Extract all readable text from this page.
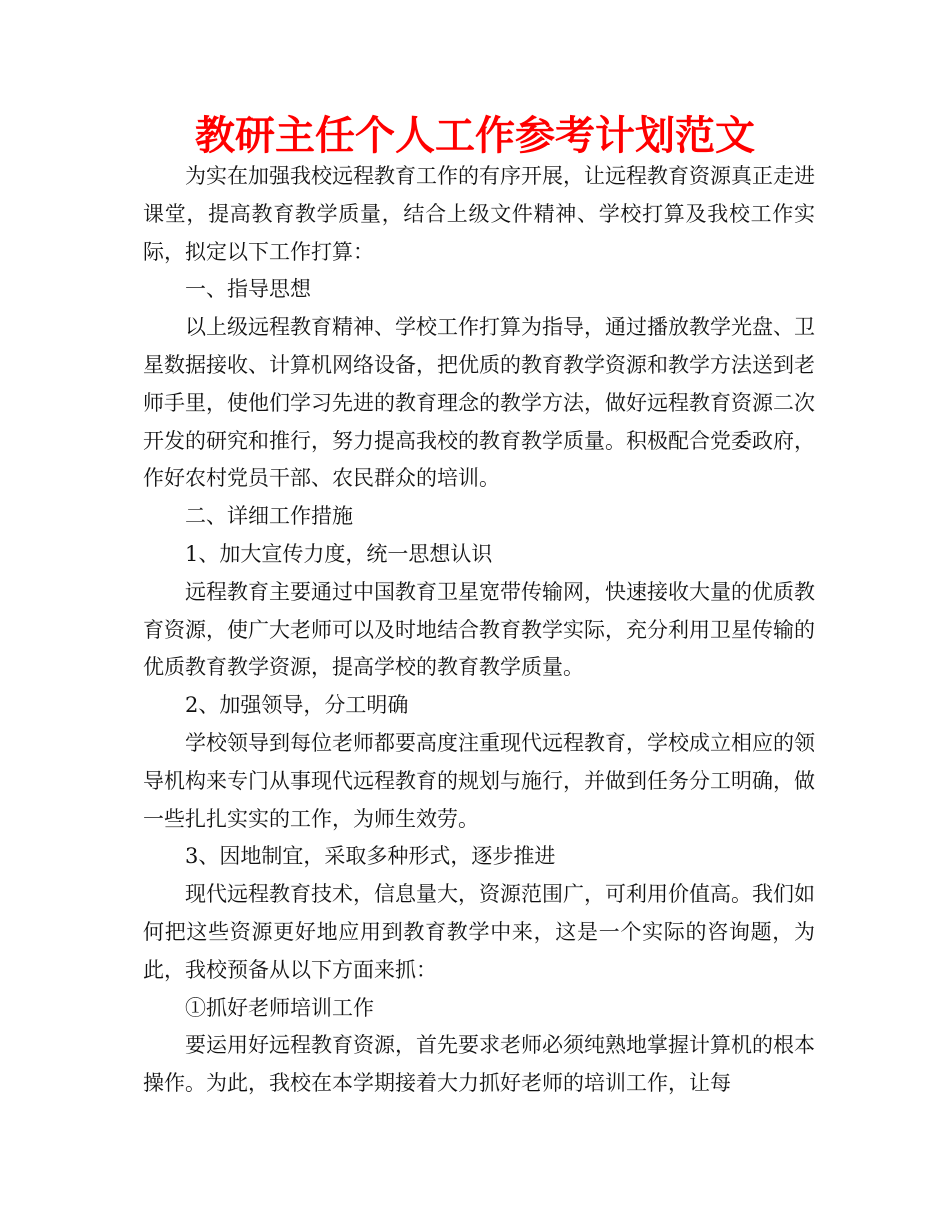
教研主任个人工作参考计划范文

为实在加强我校远程教育工作的有序开展，让远程教育资源真正走进课堂，提高教育教学质量，结合上级文件精神、学校打算及我校工作实际，拟定以下工作打算：

一、指导思想

以上级远程教育精神、学校工作打算为指导，通过播放教学光盘、卫星数据接收、计算机网络设备，把优质的教育教学资源和教学方法送到老师手里，使他们学习先进的教育理念的教学方法，做好远程教育资源二次开发的研究和推行，努力提高我校的教育教学质量。积极配合党委政府，作好农村党员干部、农民群众的培训。

二、详细工作措施

1、加大宣传力度，统一思想认识

远程教育主要通过中国教育卫星宽带传输网，快速接收大量的优质教育资源，使广大老师可以及时地结合教育教学实际，充分利用卫星传输的优质教育教学资源，提高学校的教育教学质量。

2、加强领导，分工明确

学校领导到每位老师都要高度注重现代远程教育，学校成立相应的领导机构来专门从事现代远程教育的规划与施行，并做到任务分工明确，做一些扎扎实实的工作，为师生效劳。

3、因地制宜，采取多种形式，逐步推进

现代远程教育技术，信息量大，资源范围广，可利用价值高。我们如何把这些资源更好地应用到教育教学中来，这是一个实际的咨询题，为此，我校预备从以下方面来抓：

①抓好老师培训工作

要运用好远程教育资源，首先要求老师必须纯熟地掌握计算机的根本操作。为此，我校在本学期接着大力抓好老师的培训工作，让每
